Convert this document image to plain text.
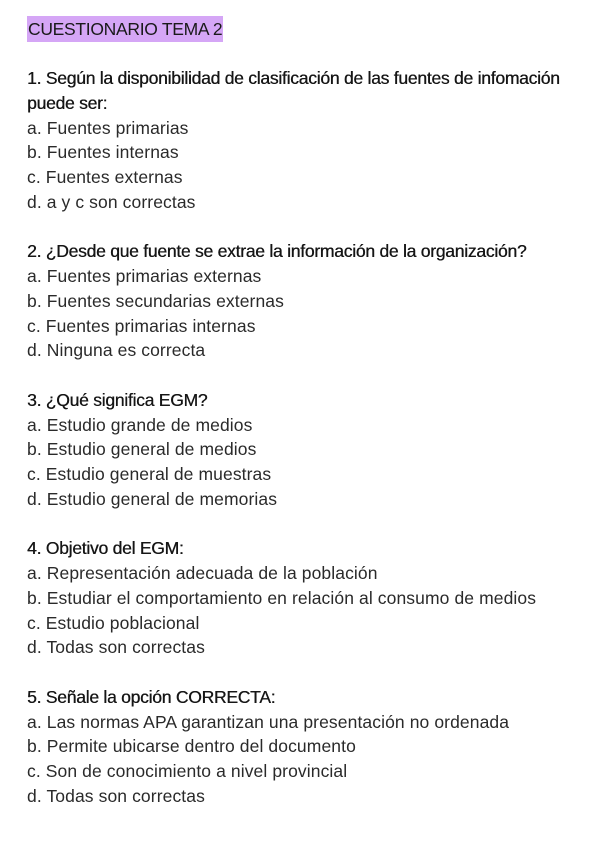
CUESTIONARIO TEMA 2
1. Según la disponibilidad de clasificación de las fuentes de infomación puede ser:
a. Fuentes primarias
b. Fuentes internas
c. Fuentes externas
d. a y c son correctas
2. ¿Desde que fuente se extrae la información de la organización?
a. Fuentes primarias externas
b. Fuentes secundarias externas
c. Fuentes primarias internas
d. Ninguna es correcta
3. ¿Qué significa EGM?
a. Estudio grande de medios
b. Estudio general de medios
c. Estudio general de muestras
d. Estudio general de memorias
4. Objetivo del EGM:
a. Representación adecuada de la población
b. Estudiar el comportamiento en relación al consumo de medios
c. Estudio poblacional
d. Todas son correctas
5. Señale la opción CORRECTA:
a. Las normas APA garantizan una presentación no ordenada
b. Permite ubicarse dentro del documento
c. Son de conocimiento a nivel provincial
d. Todas son correctas
